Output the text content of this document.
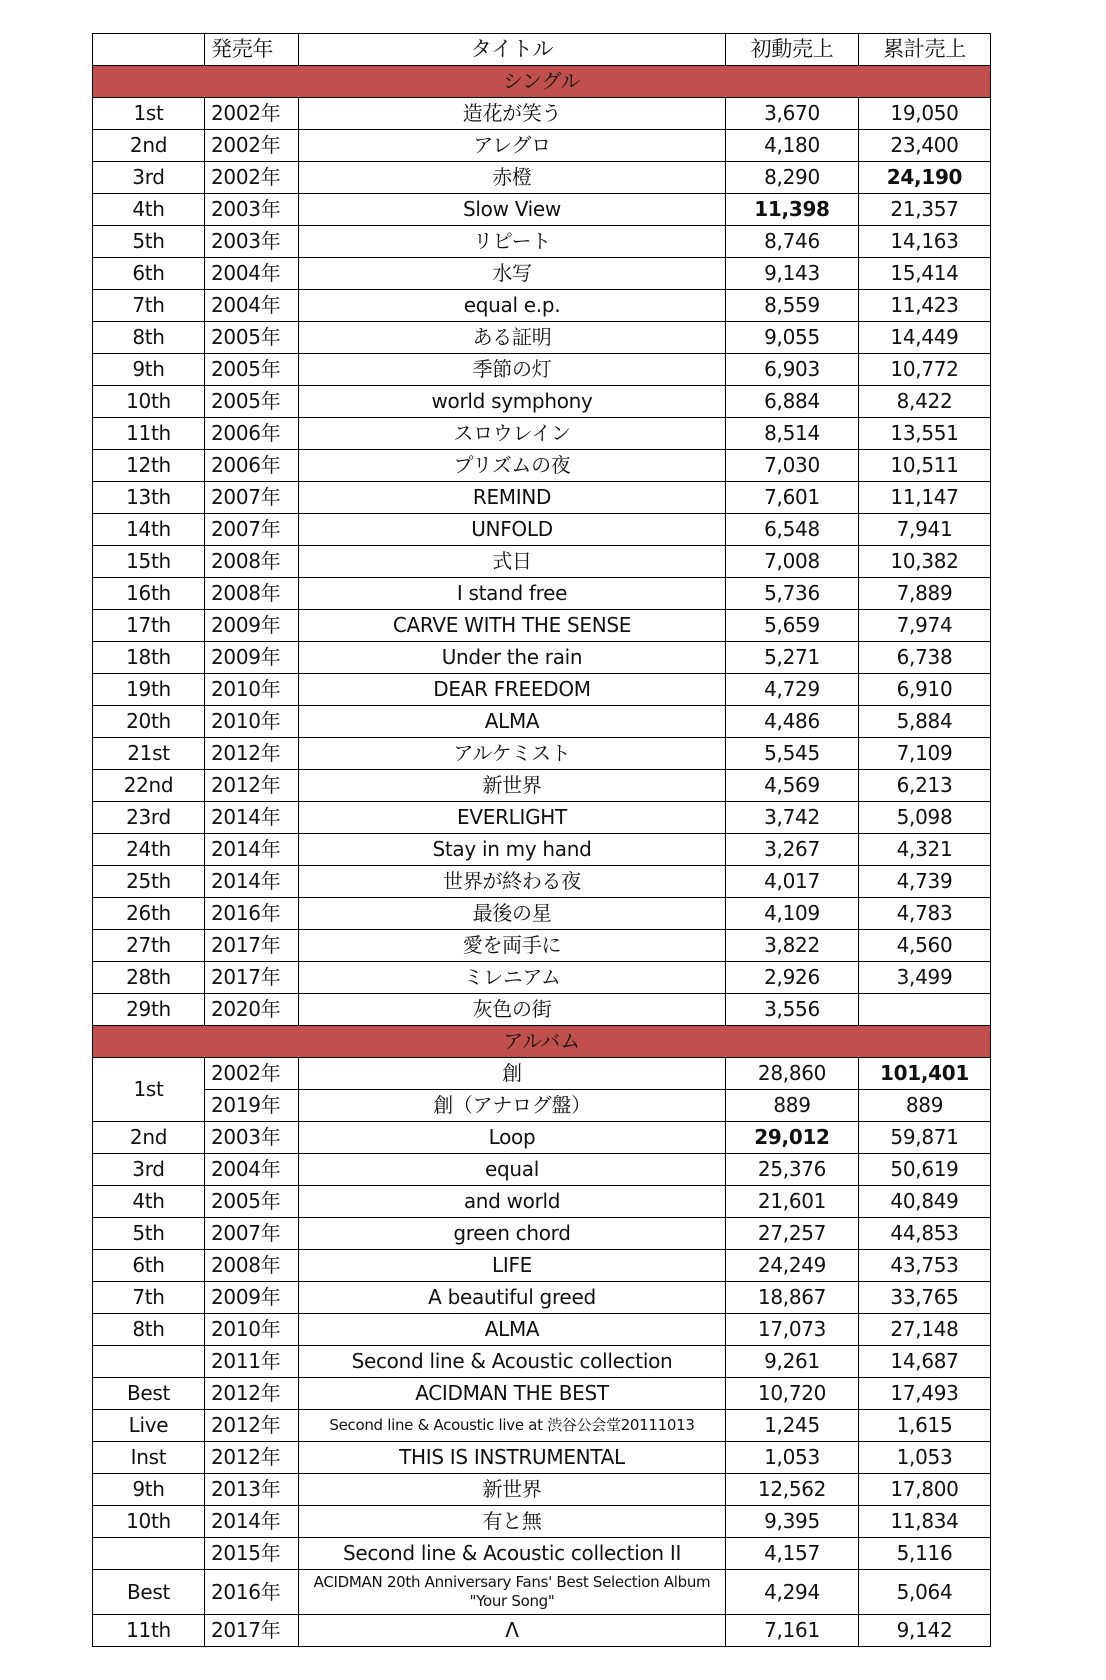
	発売年	タイトル	初動売上	累計売上
シングル				
1st	2002年	造花が笑う	3,670	19,050
2nd	2002年	アレグロ	4,180	23,400
3rd	2002年	赤橙	8,290	24,190
4th	2003年	Slow View	11,398	21,357
5th	2003年	リピート	8,746	14,163
6th	2004年	水写	9,143	15,414
7th	2004年	equal e.p.	8,559	11,423
8th	2005年	ある証明	9,055	14,449
9th	2005年	季節の灯	6,903	10,772
10th	2005年	world symphony	6,884	8,422
11th	2006年	スロウレイン	8,514	13,551
12th	2006年	プリズムの夜	7,030	10,511
13th	2007年	REMIND	7,601	11,147
14th	2007年	UNFOLD	6,548	7,941
15th	2008年	式日	7,008	10,382
16th	2008年	I stand free	5,736	7,889
17th	2009年	CARVE WITH THE SENSE	5,659	7,974
18th	2009年	Under the rain	5,271	6,738
19th	2010年	DEAR FREEDOM	4,729	6,910
20th	2010年	ALMA	4,486	5,884
21st	2012年	アルケミスト	5,545	7,109
22nd	2012年	新世界	4,569	6,213
23rd	2014年	EVERLIGHT	3,742	5,098
24th	2014年	Stay in my hand	3,267	4,321
25th	2014年	世界が終わる夜	4,017	4,739
26th	2016年	最後の星	4,109	4,783
27th	2017年	愛を両手に	3,822	4,560
28th	2017年	ミレニアム	2,926	3,499
29th	2020年	灰色の街	3,556	
アルバム				
1st	2002年	創	28,860	101,401
	2019年	創（アナログ盤）	889	889
2nd	2003年	Loop	29,012	59,871
3rd	2004年	equal	25,376	50,619
4th	2005年	and world	21,601	40,849
5th	2007年	green chord	27,257	44,853
6th	2008年	LIFE	24,249	43,753
7th	2009年	A beautiful greed	18,867	33,765
8th	2010年	ALMA	17,073	27,148
	2011年	Second line & Acoustic collection	9,261	14,687
Best	2012年	ACIDMAN THE BEST	10,720	17,493
Live	2012年	Second line & Acoustic live at 渋谷公会堂20111013	1,245	1,615
Inst	2012年	THIS IS INSTRUMENTAL	1,053	1,053
9th	2013年	新世界	12,562	17,800
10th	2014年	有と無	9,395	11,834
	2015年	Second line & Acoustic collection II	4,157	5,116
Best	2016年	ACIDMAN 20th Anniversary Fans' Best Selection Album "Your Song"	4,294	5,064
11th	2017年	Λ	7,161	9,142
